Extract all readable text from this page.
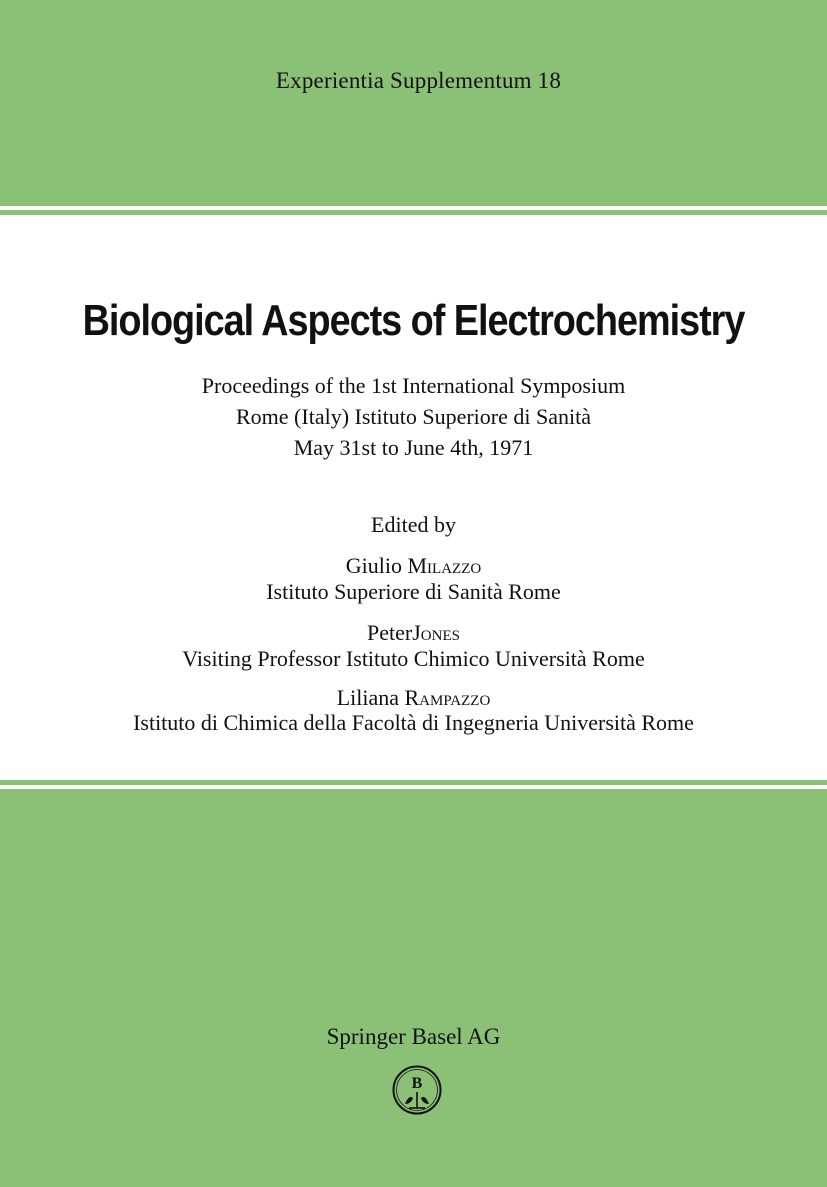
Experientia Supplementum 18
Biological Aspects of Electrochemistry
Proceedings of the 1st International Symposium
Rome (Italy) Istituto Superiore di Sanità
May 31st to June 4th, 1971
Edited by
Giulio Milazzo
Istituto Superiore di Sanità Rome
PeterJones
Visiting Professor Istituto Chimico Università Rome
Liliana Rampazzo
Istituto di Chimica della Facoltà di Ingegneria Università Rome
Springer Basel AG
B
